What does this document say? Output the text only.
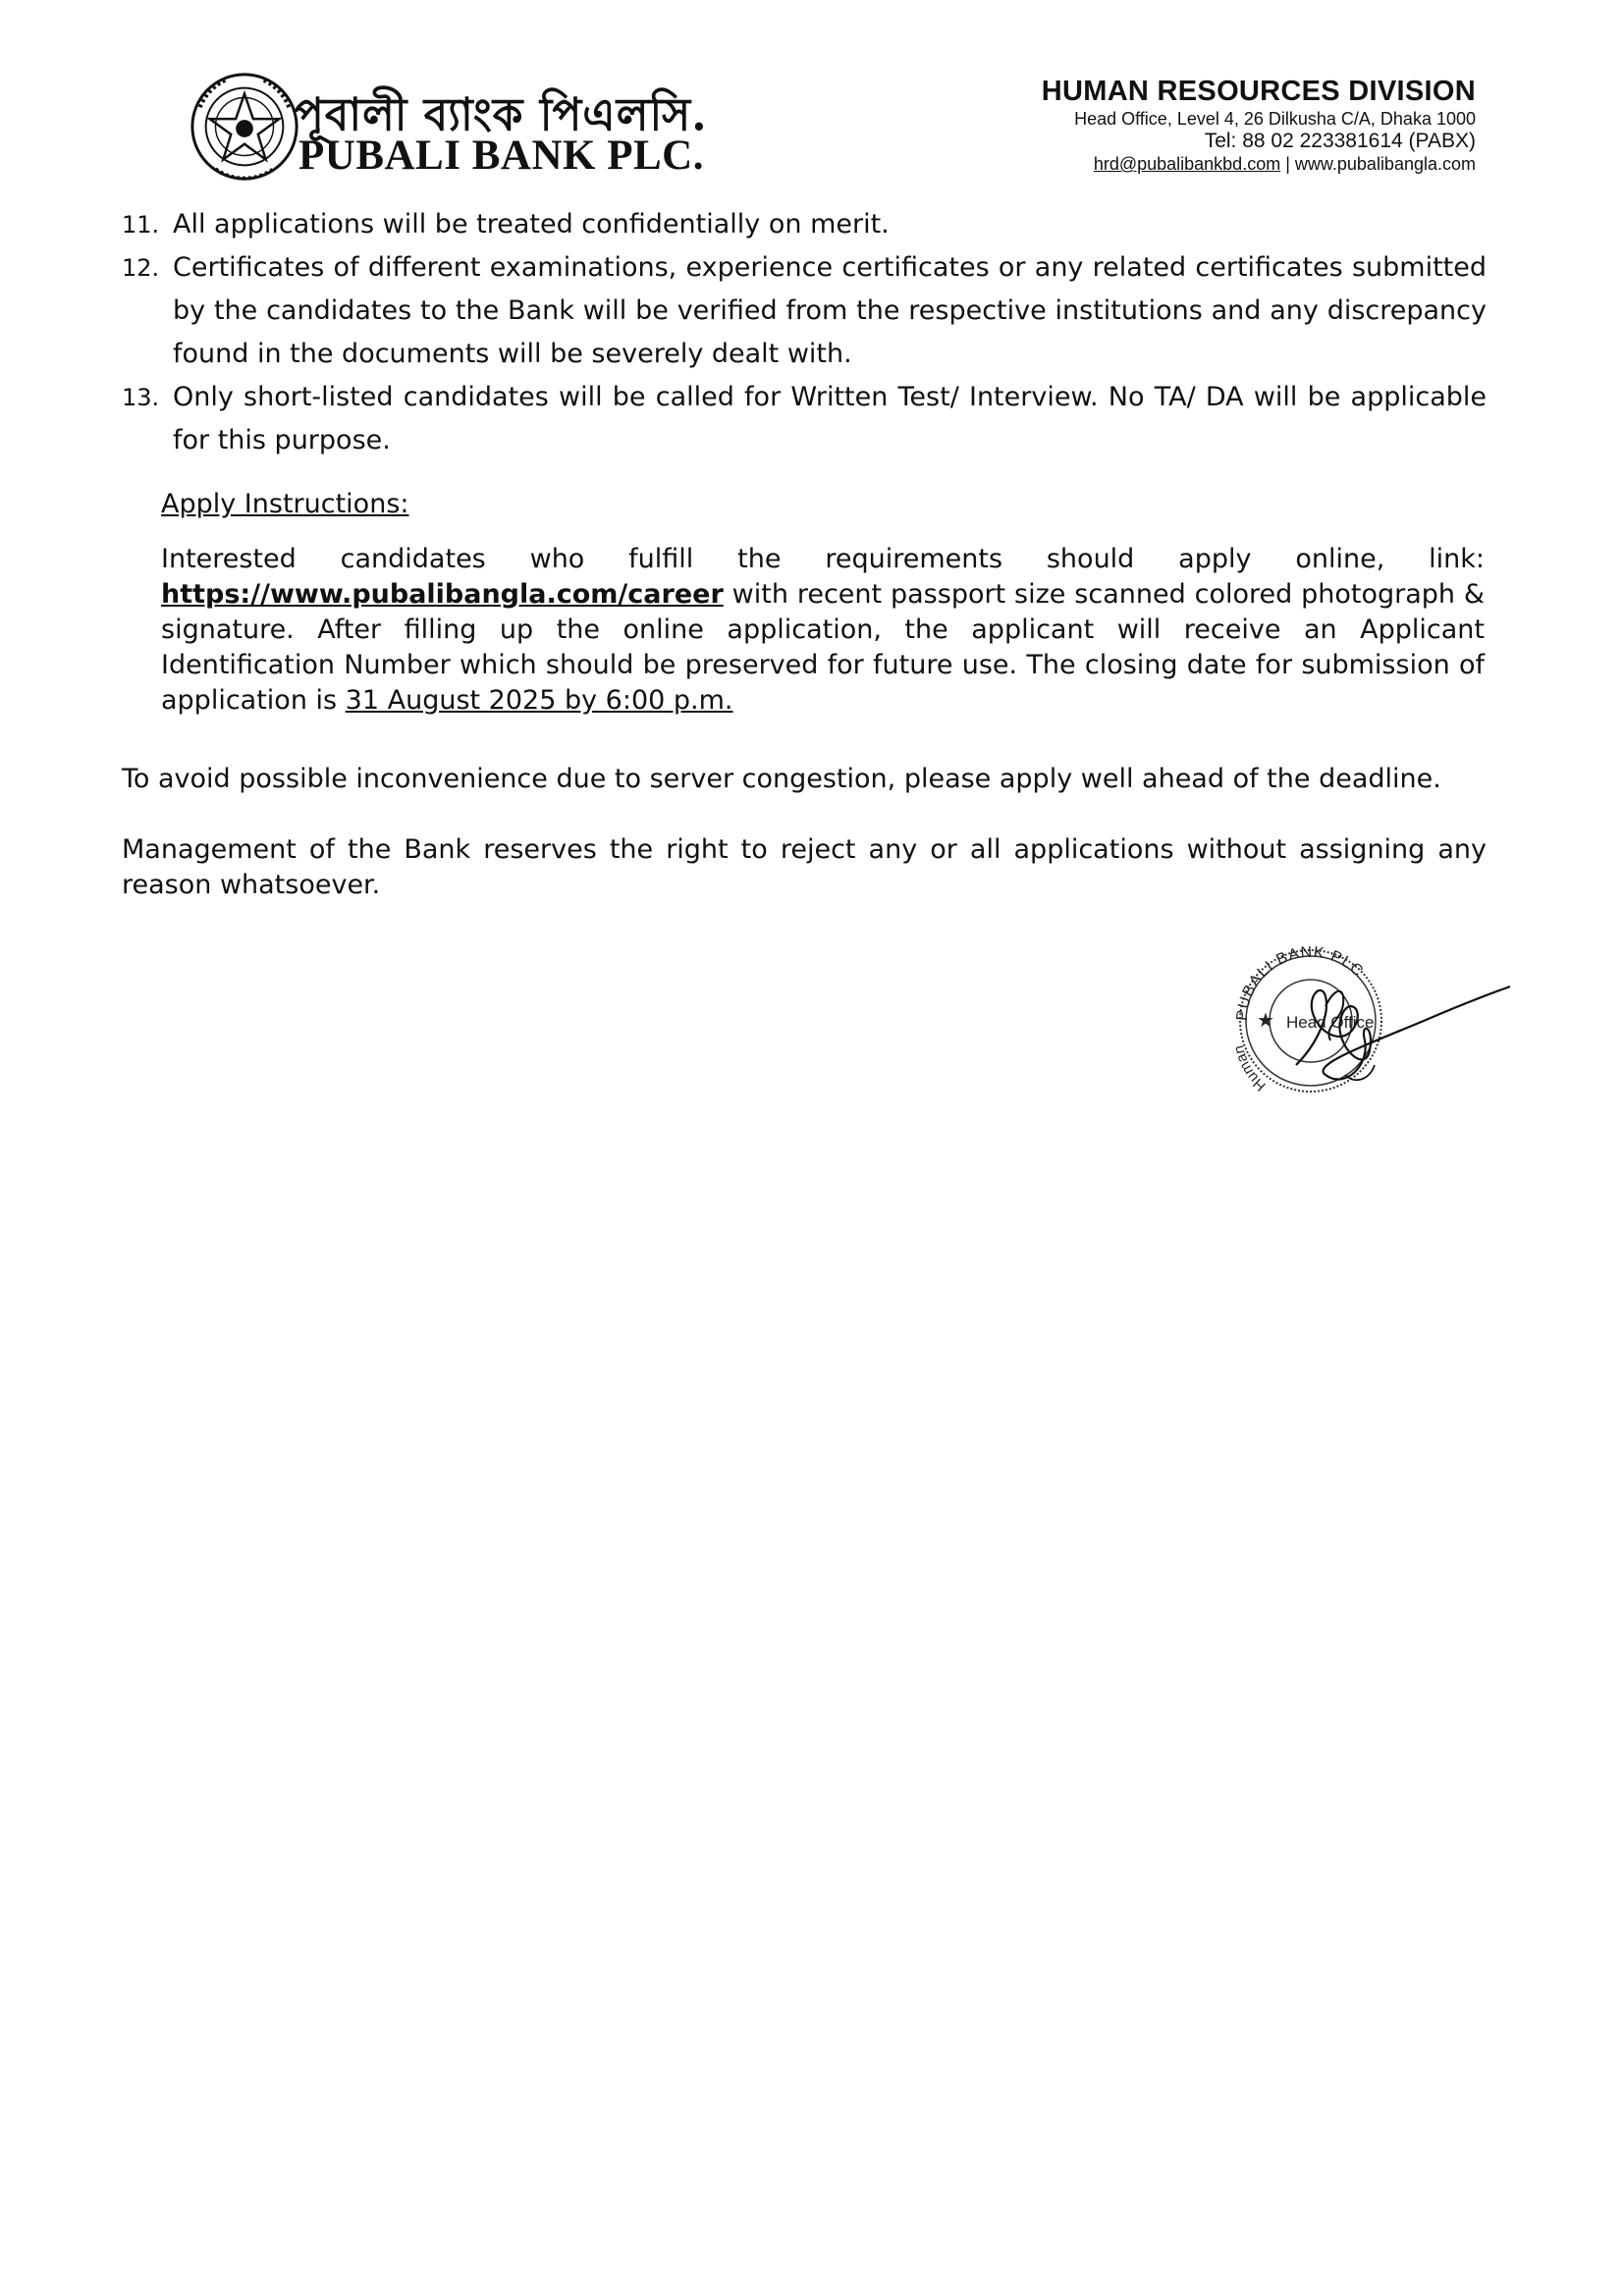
পূবালী ব্যাংক পিএলসি.
PUBALI BANK PLC.
HUMAN RESOURCES DIVISION
Head Office, Level 4, 26 Dilkusha C/A, Dhaka 1000
Tel: 88 02 223381614 (PABX)
hrd@pubalibankbd.com | www.pubalibangla.com
11. All applications will be treated confidentially on merit.
12. Certificates of different examinations, experience certificates or any related certificates submitted by the candidates to the Bank will be verified from the respective institutions and any discrepancy found in the documents will be severely dealt with.
13. Only short-listed candidates will be called for Written Test/ Interview. No TA/ DA will be applicable for this purpose.
Apply Instructions:
Interested candidates who fulfill the requirements should apply online, link: https://www.pubalibangla.com/career with recent passport size scanned colored photograph & signature. After filling up the online application, the applicant will receive an Applicant Identification Number which should be preserved for future use. The closing date for submission of application is 31 August 2025 by 6:00 p.m.
To avoid possible inconvenience due to server congestion, please apply well ahead of the deadline.
Management of the Bank reserves the right to reject any or all applications without assigning any reason whatsoever.
PUBALI BANK PLC
Human
★ Head Office
